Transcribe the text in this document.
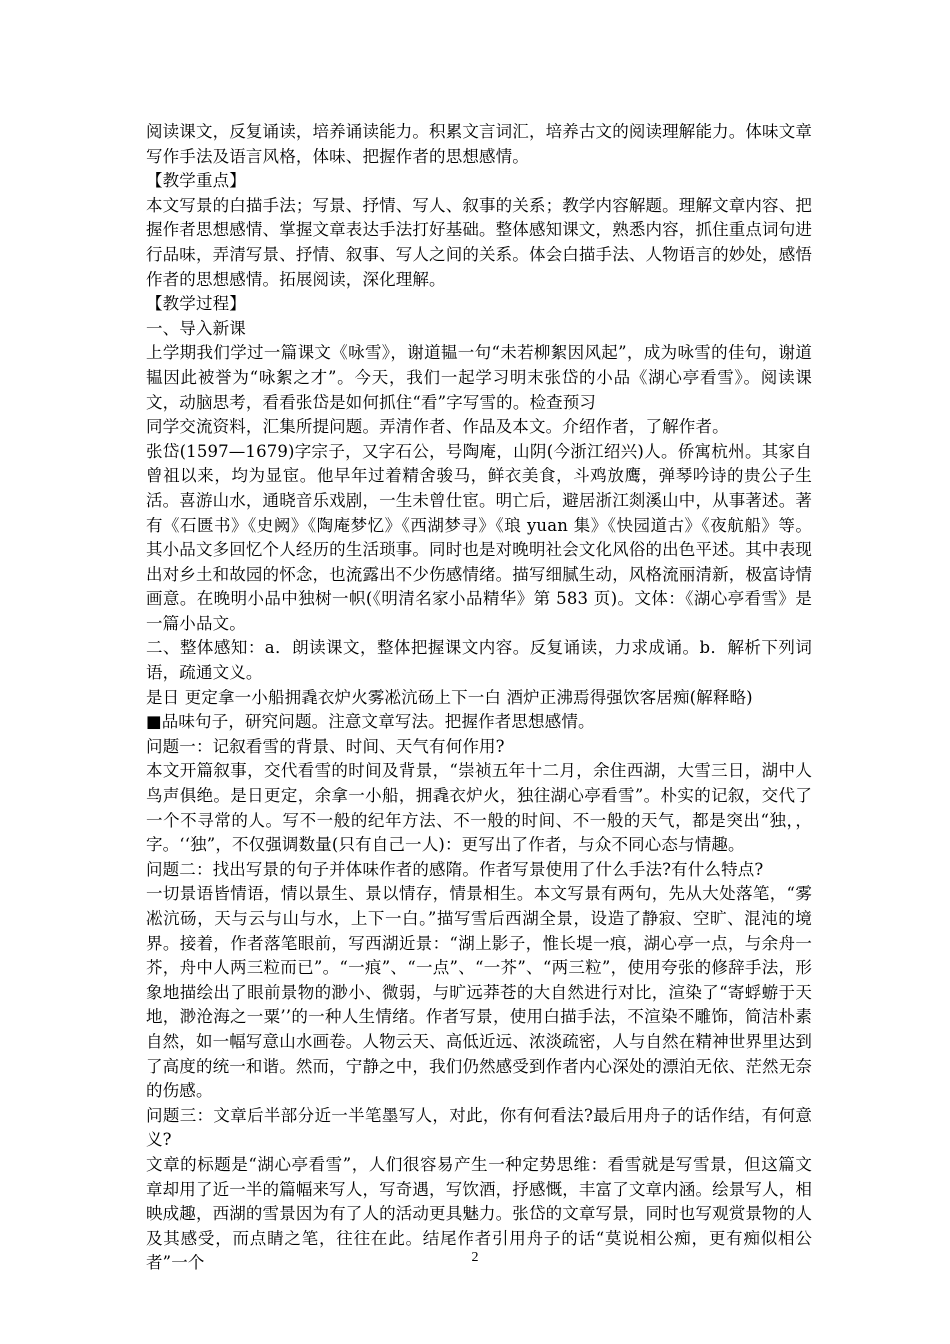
阅读课文，反复诵读，培养诵读能力。积累文言词汇，培养古文的阅读理解能力。体味文章写作手法及语言风格，体味、把握作者的思想感情。

【教学重点】

本文写景的白描手法；写景、抒情、写人、叙事的关系；教学内容解题。理解文章内容、把握作者思想感情、掌握文章表达手法打好基础。整体感知课文，熟悉内容，抓住重点词句进行品味，弄清写景、抒情、叙事、写人之间的关系。体会白描手法、人物语言的妙处，感悟作者的思想感情。拓展阅读，深化理解。

【教学过程】

一、导入新课

上学期我们学过一篇课文《咏雪》，谢道韫一句“未若柳絮因风起”，成为咏雪的佳句，谢道韫因此被誉为“咏絮之才”。今天，我们一起学习明末张岱的小品《湖心亭看雪》。阅读课文，动脑思考，看看张岱是如何抓住“看”字写雪的。检查预习

同学交流资料，汇集所提问题。弄清作者、作品及本文。介绍作者，了解作者。

张岱(1597—1679)字宗子，又字石公，号陶庵，山阴(今浙江绍兴)人。侨寓杭州。其家自曾祖以来，均为显宦。他早年过着精舍骏马，鲜衣美食，斗鸡放鹰，弹琴吟诗的贵公子生活。喜游山水，通晓音乐戏剧，一生未曾仕宦。明亡后，避居浙江剡溪山中，从事著述。著有《石匮书》《史阙》《陶庵梦忆》《西湖梦寻》《琅 yuan 集》《快园道古》《夜航船》等。其小品文多回忆个人经历的生活琐事。同时也是对晚明社会文化风俗的出色平述。其中表现出对乡土和故园的怀念，也流露出不少伤感情绪。描写细腻生动，风格流丽清新，极富诗情画意。在晚明小品中独树一帜(《明清名家小品精华》第 583 页)。文体：《湖心亭看雪》是一篇小品文。

二、整体感知：a．朗读课文，整体把握课文内容。反复诵读，力求成诵。b．解析下列词语，疏通文义。

是日 更定拿一小船拥毳衣炉火雾凇沆砀上下一白 酒炉正沸焉得强饮客居痴(解释略)

■品味句子，研究问题。注意文章写法。把握作者思想感情。

问题一：记叙看雪的背景、时间、天气有何作用?

本文开篇叙事，交代看雪的时间及背景，“崇祯五年十二月，余住西湖，大雪三日，湖中人鸟声俱绝。是日更定，余拿一小船，拥毳衣炉火，独往湖心亭看雪”。朴实的记叙，交代了一个不寻常的人。写不一般的纪年方法、不一般的时间、不一般的天气，都是突出“独，，字。‘‘独”，不仅强调数量(只有自己一人)：更写出了作者，与众不同心态与情趣。

问题二：找出写景的句子并体味作者的感隋。作者写景使用了什么手法?有什么特点?

一切景语皆情语，情以景生、景以情存，情景相生。本文写景有两句，先从大处落笔，“雾凇沆砀，天与云与山与水，上下一白。”描写雪后西湖全景，设造了静寂、空旷、混沌的境界。接着，作者落笔眼前，写西湖近景：“湖上影子，惟长堤一痕，湖心亭一点，与余舟一芥，舟中人两三粒而已”。“一痕”、“一点”、“一芥”、“两三粒”，使用夸张的修辞手法，形象地描绘出了眼前景物的渺小、微弱，与旷远莽苍的大自然进行对比，渲染了“寄蜉蝣于天地，渺沧海之一粟’’的一种人生情绪。作者写景，使用白描手法，不渲染不雕饰，简洁朴素自然，如一幅写意山水画卷。人物云天、高低近远、浓淡疏密，人与自然在精神世界里达到了高度的统一和谐。然而，宁静之中，我们仍然感受到作者内心深处的漂泊无依、茫然无奈的伤感。

问题三：文章后半部分近一半笔墨写人，对此，你有何看法?最后用舟子的话作结，有何意义?

文章的标题是“湖心亭看雪”，人们很容易产生一种定势思维：看雪就是写雪景，但这篇文章却用了近一半的篇幅来写人，写奇遇，写饮酒，抒感慨，丰富了文章内涵。绘景写人，相映成趣，西湖的雪景因为有了人的活动更具魅力。张岱的文章写景，同时也写观赏景物的人及其感受，而点睛之笔，往往在此。结尾作者引用舟子的话“莫说相公痴，更有痴似相公者”一个	2
